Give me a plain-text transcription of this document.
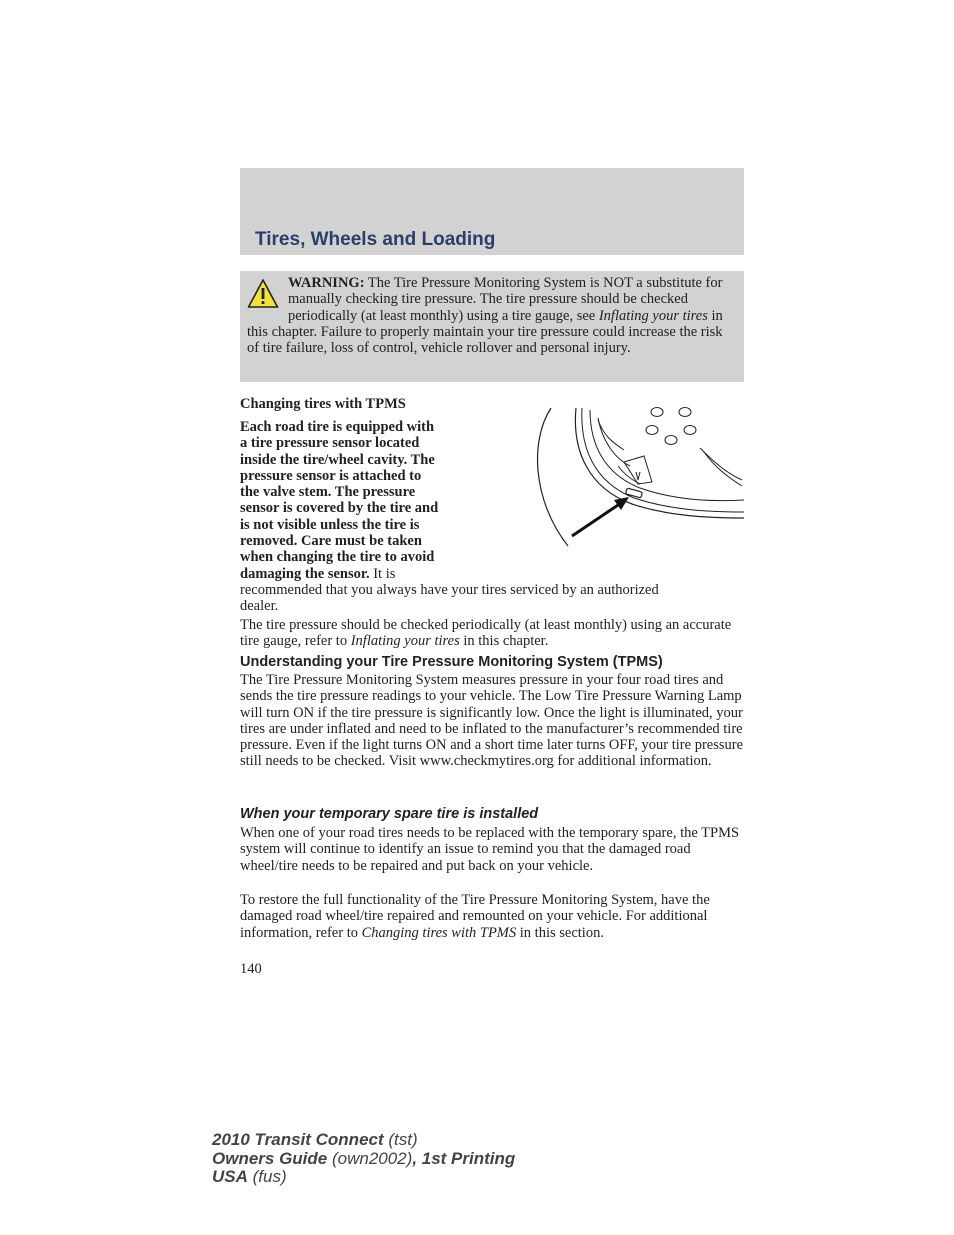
Tires, Wheels and Loading

WARNING: The Tire Pressure Monitoring System is NOT a substitute for manually checking tire pressure. The tire pressure should be checked periodically (at least monthly) using a tire gauge, see Inflating your tires in this chapter. Failure to properly maintain your tire pressure could increase the risk of tire failure, loss of control, vehicle rollover and personal injury.

Changing tires with TPMS

Each road tire is equipped with
a tire pressure sensor located
inside the tire/wheel cavity. The
pressure sensor is attached to
the valve stem. The pressure
sensor is covered by the tire and
is not visible unless the tire is
removed. Care must be taken
when changing the tire to avoid
damaging the sensor. It is
recommended that you always have your tires serviced by an authorized
dealer.

The tire pressure should be checked periodically (at least monthly) using an accurate tire gauge, refer to Inflating your tires in this chapter.

Understanding your Tire Pressure Monitoring System (TPMS)

The Tire Pressure Monitoring System measures pressure in your four road tires and sends the tire pressure readings to your vehicle. The Low Tire Pressure Warning Lamp will turn ON if the tire pressure is significantly low. Once the light is illuminated, your tires are under inflated and need to be inflated to the manufacturer’s recommended tire pressure. Even if the light turns ON and a short time later turns OFF, your tire pressure still needs to be checked. Visit www.checkmytires.org for additional information.

When your temporary spare tire is installed

When one of your road tires needs to be replaced with the temporary spare, the TPMS system will continue to identify an issue to remind you that the damaged road wheel/tire needs to be repaired and put back on your vehicle.

To restore the full functionality of the Tire Pressure Monitoring System, have the damaged road wheel/tire repaired and remounted on your vehicle. For additional information, refer to Changing tires with TPMS in this section.

140

2010 Transit Connect (tst)
Owners Guide (own2002), 1st Printing
USA (fus)
